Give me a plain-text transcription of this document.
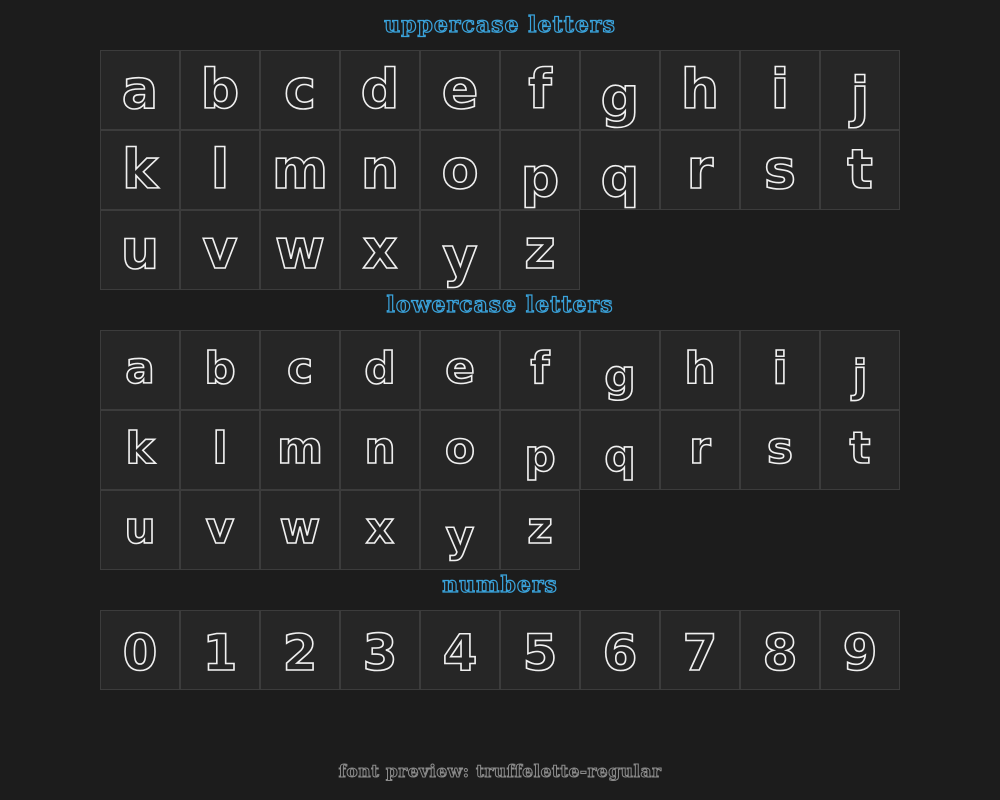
uppercase letters
a b c d e f g h i	j
k l m n o p q r s t
u v w x y z
lowercase letters
a	b	c	d	e	f	g	h	i	j
k	l	m n	o	p	q	r	s	t
u	v	w	x	y	z
numbers
0 1 2 3 4 5 6 7 8 9
font preview: truffelette-regular
